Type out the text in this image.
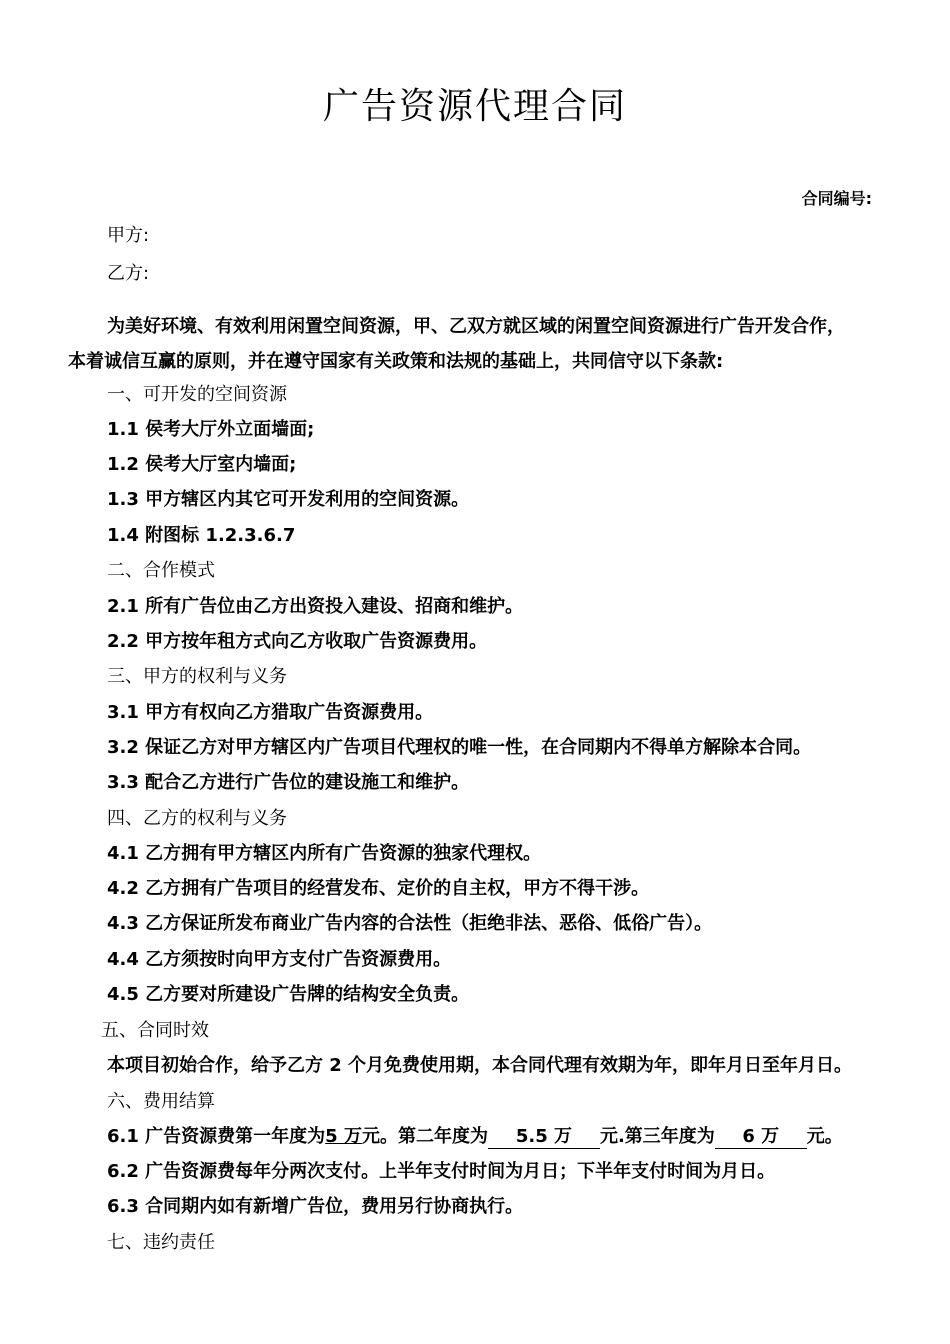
广告资源代理合同
合同编号:
甲方:
乙方:
为美好环境、有效利用闲置空间资源，甲、乙双方就区域的闲置空间资源进行广告开发合作，
本着诚信互赢的原则，并在遵守国家有关政策和法规的基础上，共同信守以下条款:
一、可开发的空间资源
1.1 侯考大厅外立面墙面;
1.2 侯考大厅室内墙面;
1.3 甲方辖区内其它可开发利用的空间资源。
1.4 附图标 1.2.3.6.7
二、合作模式
2.1 所有广告位由乙方出资投入建设、招商和维护。
2.2 甲方按年租方式向乙方收取广告资源费用。
三、甲方的权利与义务
3.1 甲方有权向乙方猎取广告资源费用。
3.2 保证乙方对甲方辖区内广告项目代理权的唯一性，在合同期内不得单方解除本合同。
3.3 配合乙方进行广告位的建设施工和维护。
四、乙方的权利与义务
4.1 乙方拥有甲方辖区内所有广告资源的独家代理权。
4.2 乙方拥有广告项目的经营发布、定价的自主权，甲方不得干涉。
4.3 乙方保证所发布商业广告内容的合法性（拒绝非法、恶俗、低俗广告）。
4.4 乙方须按时向甲方支付广告资源费用。
4.5 乙方要对所建设广告牌的结构安全负责。
五、合同时效
本项目初始合作，给予乙方 2 个月免费使用期，本合同代理有效期为年，即年月日至年月日。
六、费用结算
6.1 广告资源费第一年度为5 万元。第二年度为 5.5 万 元.第三年度为 6 万 元。
6.2 广告资源费每年分两次支付。上半年支付时间为月日；下半年支付时间为月日。
6.3 合同期内如有新增广告位，费用另行协商执行。
七、违约责任
